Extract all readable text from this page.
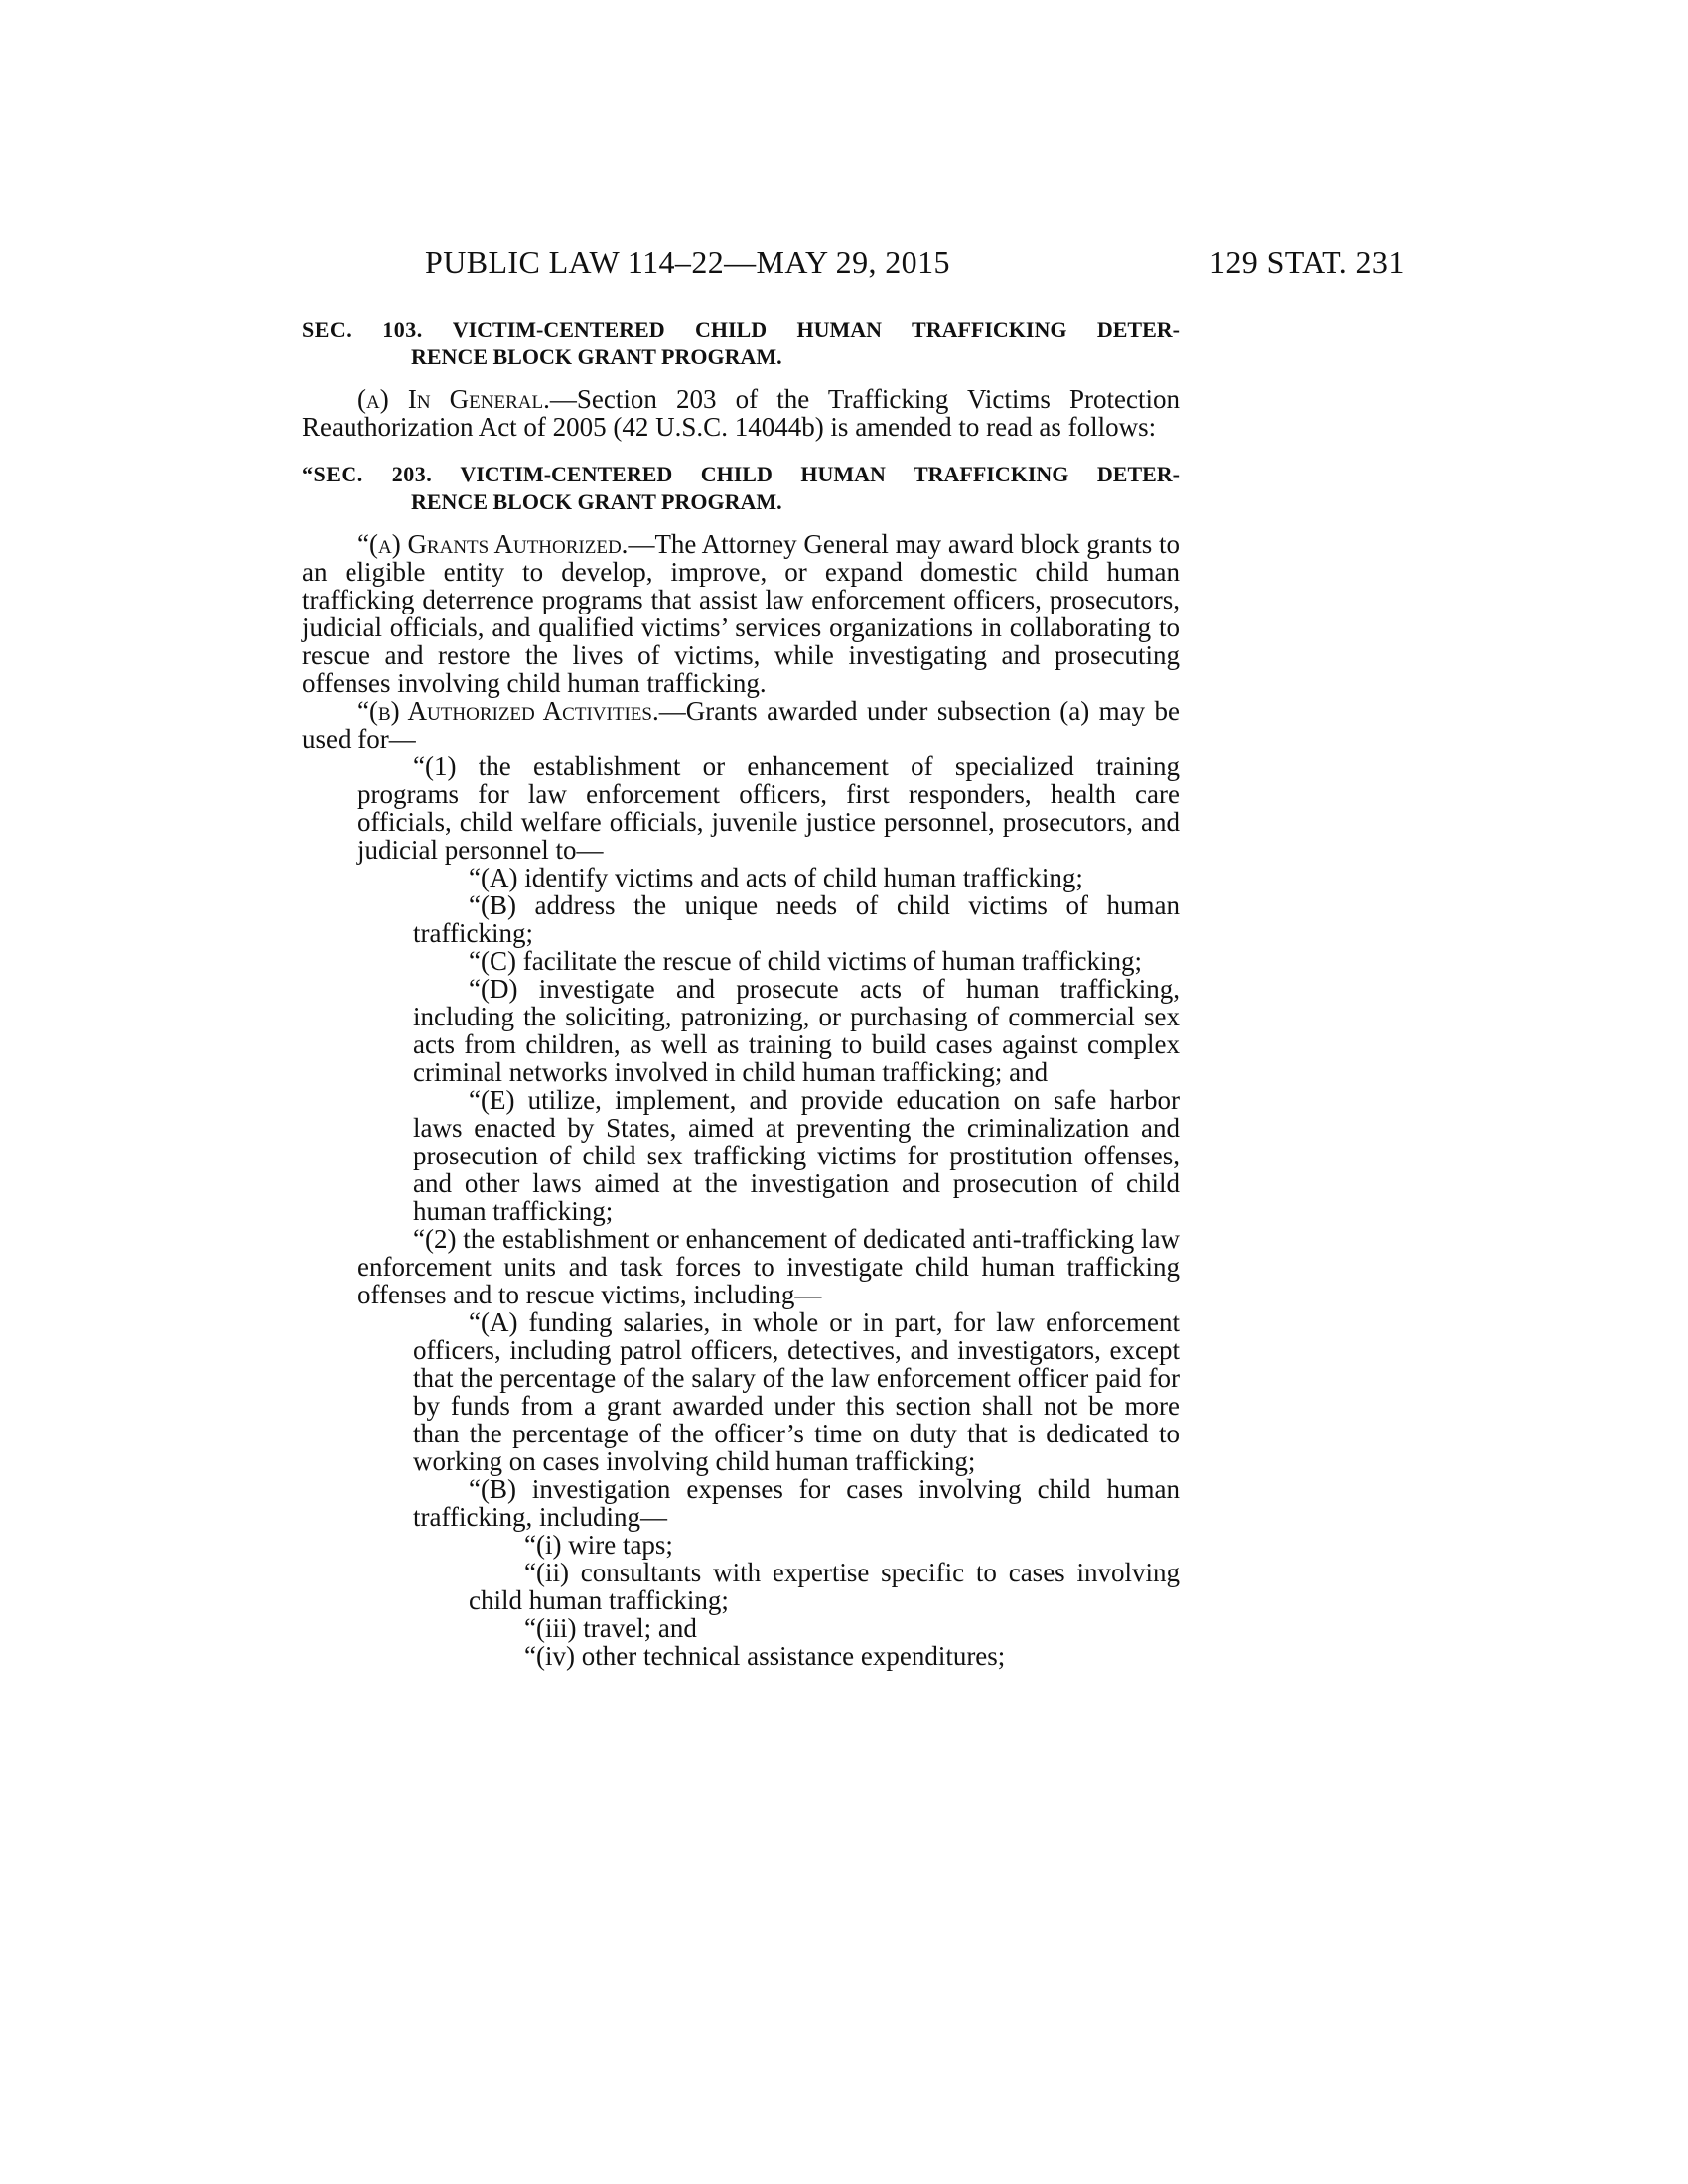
PUBLIC LAW 114–22—MAY 29, 2015	129 STAT. 231
SEC. 103. VICTIM-CENTERED CHILD HUMAN TRAFFICKING DETER-
RENCE BLOCK GRANT PROGRAM.

(a) In General.—Section 203 of the Trafficking Victims Protection Reauthorization Act of 2005 (42 U.S.C. 14044b) is amended to read as follows:

“SEC. 203. VICTIM-CENTERED CHILD HUMAN TRAFFICKING DETER-
RENCE BLOCK GRANT PROGRAM.

“(a) Grants Authorized.—The Attorney General may award block grants to an eligible entity to develop, improve, or expand domestic child human trafficking deterrence programs that assist law enforcement officers, prosecutors, judicial officials, and qualified victims’ services organizations in collaborating to rescue and restore the lives of victims, while investigating and prosecuting offenses involving child human trafficking.

“(b) Authorized Activities.—Grants awarded under subsection (a) may be used for—

“(1) the establishment or enhancement of specialized training programs for law enforcement officers, first responders, health care officials, child welfare officials, juvenile justice personnel, prosecutors, and judicial personnel to—

“(A) identify victims and acts of child human trafficking;

“(B) address the unique needs of child victims of human trafficking;

“(C) facilitate the rescue of child victims of human trafficking;

“(D) investigate and prosecute acts of human trafficking, including the soliciting, patronizing, or purchasing of commercial sex acts from children, as well as training to build cases against complex criminal networks involved in child human trafficking; and

“(E) utilize, implement, and provide education on safe harbor laws enacted by States, aimed at preventing the criminalization and prosecution of child sex trafficking victims for prostitution offenses, and other laws aimed at the investigation and prosecution of child human trafficking;

“(2) the establishment or enhancement of dedicated anti-trafficking law enforcement units and task forces to investigate child human trafficking offenses and to rescue victims, including—

“(A) funding salaries, in whole or in part, for law enforcement officers, including patrol officers, detectives, and investigators, except that the percentage of the salary of the law enforcement officer paid for by funds from a grant awarded under this section shall not be more than the percentage of the officer’s time on duty that is dedicated to working on cases involving child human trafficking;

“(B) investigation expenses for cases involving child human trafficking, including—

“(i) wire taps;

“(ii) consultants with expertise specific to cases involving child human trafficking;

“(iii) travel; and

“(iv) other technical assistance expenditures;
